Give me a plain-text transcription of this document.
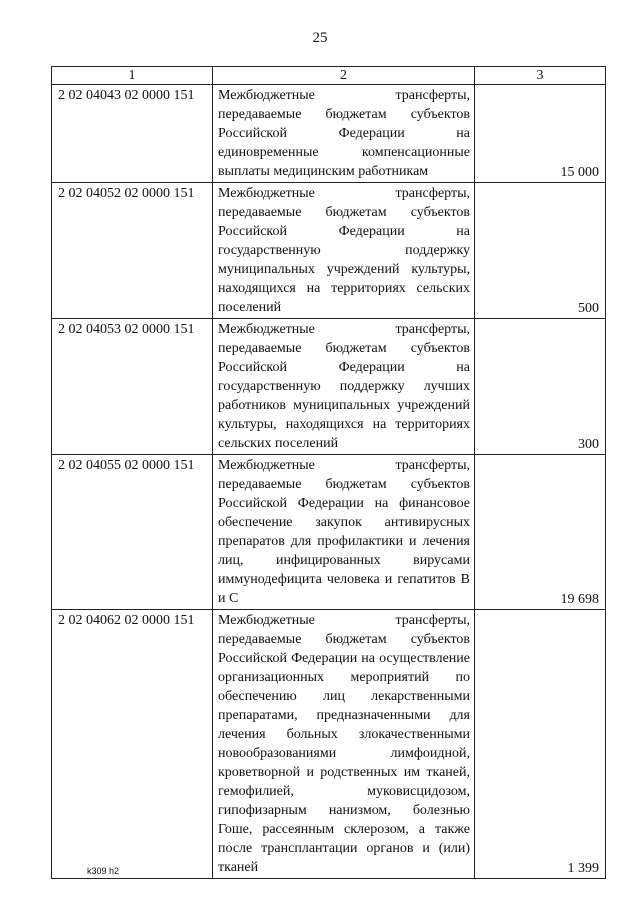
25
1	2	3
2 02 04043 02 0000 151	Межбюджетные трансферты, передаваемые бюджетам субъектов Российской Федерации на единовременные компенсационные выплаты медицинским работникам	15 000
2 02 04052 02 0000 151	Межбюджетные трансферты, передаваемые бюджетам субъектов Российской Федерации на государственную поддержку муниципальных учреждений культуры, находящихся на территориях сельских поселений	500
2 02 04053 02 0000 151	Межбюджетные трансферты, передаваемые бюджетам субъектов Российской Федерации на государственную поддержку лучших работников муниципальных учреждений культуры, находящихся на территориях сельских поселений	300
2 02 04055 02 0000 151	Межбюджетные трансферты, передаваемые бюджетам субъектов Российской Федерации на финансовое обеспечение закупок антивирусных препаратов для профилактики и лечения лиц, инфицированных вирусами иммунодефицита человека и гепатитов B и C	19 698
2 02 04062 02 0000 151	Межбюджетные трансферты, передаваемые бюджетам субъектов Российской Федерации на осуществление организационных мероприятий по обеспечению лиц лекарственными препаратами, предназначенными для лечения больных злокачественными новообразованиями лимфоидной, кроветворной и родственных им тканей, гемофилией, муковисцидозом, гипофизарным нанизмом, болезнью Гоше, рассеянным склерозом, а также после трансплантации органов и (или) тканей	1 399
k309 h2
